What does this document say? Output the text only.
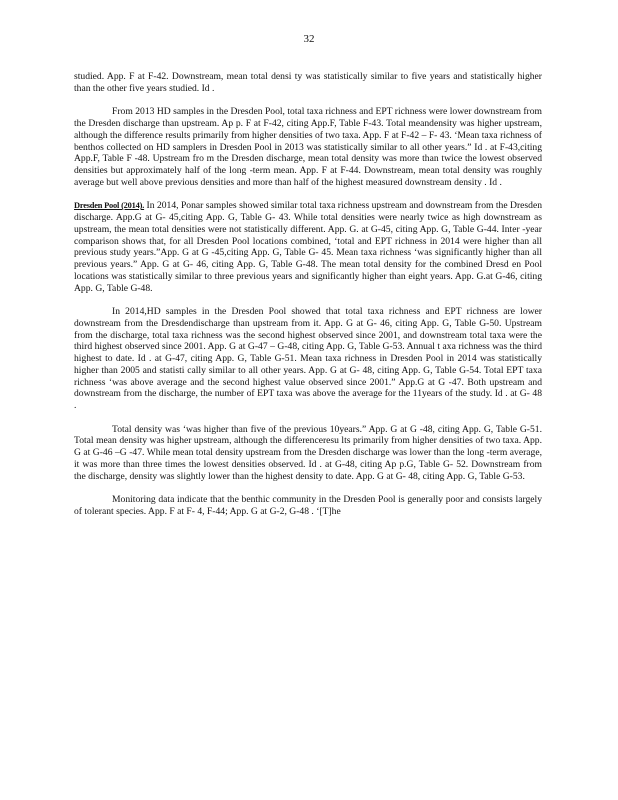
32

studied. App. F at F-42. Downstream, mean total densi ty was statistically similar to five years and statistically higher than the other five years studied. Id .

From 2013 HD samples in the Dresden Pool, total taxa richness and EPT richness were lower downstream from the Dresden discharge than upstream. Ap p. F at F-42, citing App.F, Table F-43. Total meandensity was higher upstream, although the difference results primarily from higher densities of two taxa. App. F at F-42 – F- 43. ‘Mean taxa richness of benthos collected on HD samplers in Dresden Pool in 2013 was statistically similar to all other years.” Id . at F-43,citing App.F, Table F -48. Upstream fro m the Dresden discharge, mean total density was more than twice the lowest observed densities but approximately half of the long -term mean. App. F at F-44. Downstream, mean total density was roughly average but well above previous densities and more than half of the highest measured downstream density . Id .

Dresden Pool (2014). In 2014, Ponar samples showed similar total taxa richness upstream and downstream from the Dresden discharge. App.G at G- 45,citing App. G, Table G- 43. While total densities were nearly twice as high downstream as upstream, the mean total densities were not statistically different. App. G. at G-45, citing App. G, Table G-44. Inter -year comparison shows that, for all Dresden Pool locations combined, ‘total and EPT richness in 2014 were higher than all previous study years.”App. G at G -45,citing App. G, Table G- 45. Mean taxa richness ‘was significantly higher than all previous years.” App. G at G- 46, citing App. G, Table G-48. The mean total density for the combined Dresd en Pool locations was statistically similar to three previous years and significantly higher than eight years. App. G.at G-46, citing App. G, Table G-48.

In 2014,HD samples in the Dresden Pool showed that total taxa richness and EPT richness are lower downstream from the Dresdendischarge than upstream from it. App. G at G- 46, citing App. G, Table G-50. Upstream from the discharge, total taxa richness was the second highest observed since 2001, and downstream total taxa were the third highest observed since 2001. App. G at G-47 – G-48, citing App. G, Table G-53. Annual t axa richness was the third highest to date. Id . at G-47, citing App. G, Table G-51. Mean taxa richness in Dresden Pool in 2014 was statistically higher than 2005 and statisti cally similar to all other years. App. G at G- 48, citing App. G, Table G-54. Total EPT taxa richness ‘was above average and the second highest value observed since 2001.” App.G at G -47. Both upstream and downstream from the discharge, the number of EPT taxa was above the average for the 11years of the study. Id . at G- 48 .

Total density was ‘was higher than five of the previous 10years.” App. G at G -48, citing App. G, Table G-51. Total mean density was higher upstream, although the differenceresu lts primarily from higher densities of two taxa. App. G at G-46 –G -47. While mean total density upstream from the Dresden discharge was lower than the long -term average, it was more than three times the lowest densities observed. Id . at G-48, citing Ap p.G, Table G- 52. Downstream from the discharge, density was slightly lower than the highest density to date. App. G at G- 48, citing App. G, Table G-53.

Monitoring data indicate that the benthic community in the Dresden Pool is generally poor and consists largely of tolerant species. App. F at F- 4, F-44; App. G at G-2, G-48 . ‘[T]he
